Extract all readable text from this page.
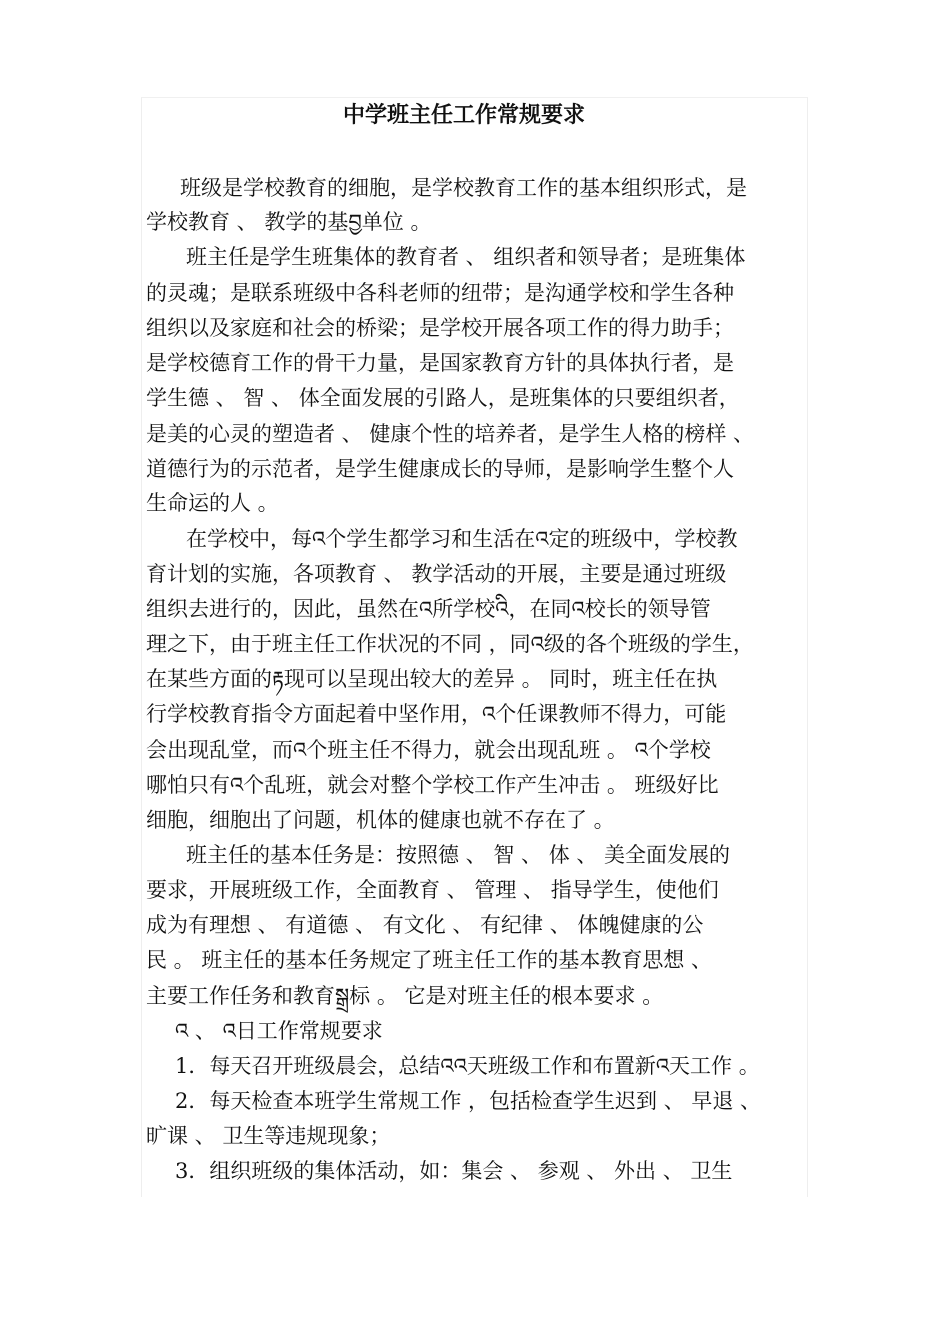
中学班主任工作常规要求
班级是学校教育的细胞，是学校教育工作的基本组织形式，是
学校教育 、 教学的基བྱ单位 。
班主任是学生班集体的教育者 、 组织者和领导者；是班集体
的灵魂；是联系班级中各科老师的纽带；是沟通学校和学生各种
组织以及家庭和社会的桥梁；是学校开展各项工作的得力助手；
是学校德育工作的骨干力量，是国家教育方针的具体执行者，是
学生德 、 智 、 体全面发展的引路人，是班集体的只要组织者，
是美的心灵的塑造者 、 健康个性的培养者，是学生人格的榜样 、
道德行为的示范者，是学生健康成长的导师，是影响学生整个人
生命运的人 。
在学校中，每འ个学生都学习和生活在འ定的班级中，学校教
育计划的实施，各项教育 、 教学活动的开展，主要是通过班级
组织去进行的，因此，虽然在འ所学校འི，在同འ校长的领导管
理之下，由于班主任工作状况的不同 ，同འ级的各个班级的学生，
在某些方面的རྟ现可以呈现出较大的差异 。 同时，班主任在执
行学校教育指令方面起着中坚作用，འ个任课教师不得力，可能
会出现乱堂，而འ个班主任不得力，就会出现乱班 。 འ个学校
哪怕只有འ个乱班，就会对整个学校工作产生冲击 。 班级好比
细胞，细胞出了问题，机体的健康也就不存在了 。
班主任的基本任务是：按照德 、 智 、 体 、 美全面发展的
要求，开展班级工作，全面教育 、 管理 、 指导学生，使他们
成为有理想 、 有道德 、 有文化 、 有纪律 、 体魄健康的公
民 。 班主任的基本任务规定了班主任工作的基本教育思想 、
主要工作任务和教育སྒྲ标 。 它是对班主任的根本要求 。
འ 、 འ日工作常规要求
1．每天召开班级晨会，总结འའ天班级工作和布置新འ天工作 。
2．每天检查本班学生常规工作 ，包括检查学生迟到 、 早退 、
旷课 、 卫生等违规现象；
3．组织班级的集体活动，如：集会 、 参观 、 外出 、 卫生
